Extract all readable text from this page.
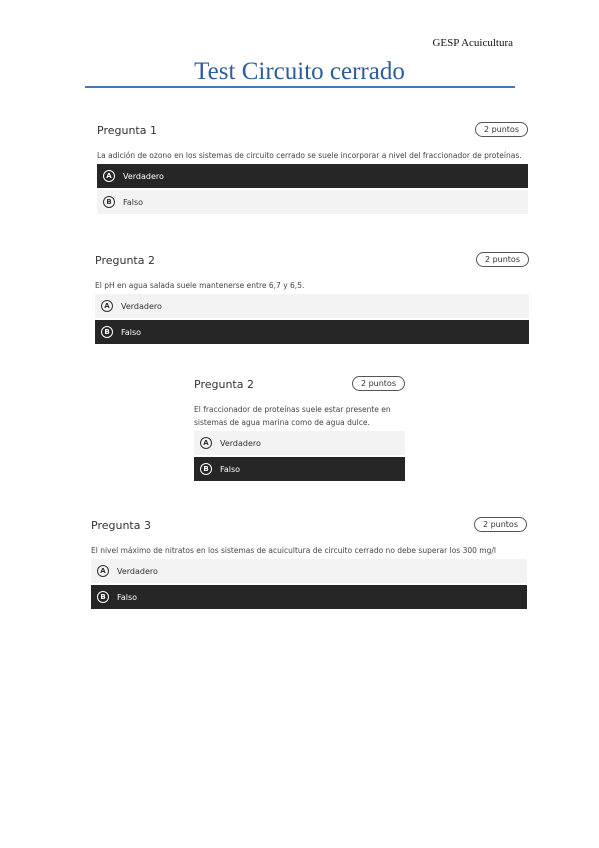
GESP Acuicultura
Test Circuito cerrado
Pregunta 1	2 puntos
La adición de ozono en los sistemas de circuito cerrado se suele incorporar a nivel del fraccionador de proteínas.
A	Verdadero
B	Falso
Pregunta 2	2 puntos
El pH en agua salada suele mantenerse entre 6,7 y 6,5.
A	Verdadero
B	Falso
Pregunta 2	2 puntos
El fraccionador de proteínas suele estar presente en sistemas de agua marina como de agua dulce.
A	Verdadero
B	Falso
Pregunta 3	2 puntos
El nivel máximo de nitratos en los sistemas de acuicultura de circuito cerrado no debe superar los 300 mg/l
A	Verdadero
B	Falso
